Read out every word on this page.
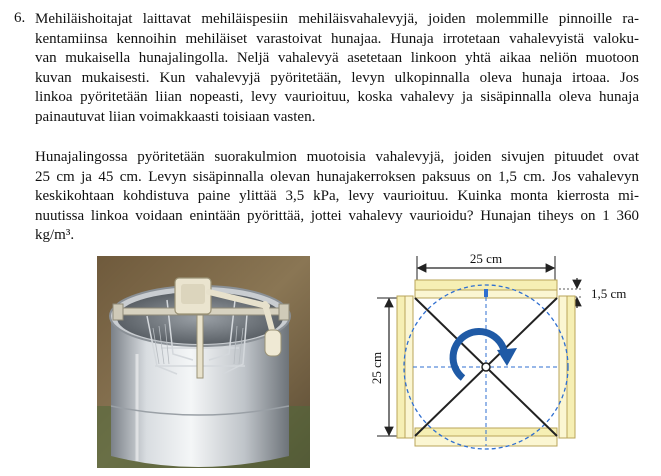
6. Mehiläishoitajat laittavat mehiläispesiin mehiläisvahalevyjä, joiden molemmille pinnoille ra-
kentamiinsa kennoihin mehiläiset varastoivat hunajaa. Hunaja irrotetaan vahalevyistä valoku-
van mukaisella hunajalingolla. Neljä vahalevyä asetetaan linkoon yhtä aikaa neliön muotoon
kuvan mukaisesti. Kun vahalevyjä pyöritetään, levyn ulkopinnalla oleva hunaja irtoaa. Jos
linkoa pyöritetään liian nopeasti, levy vaurioituu, koska vahalevy ja sisäpinnalla oleva hunaja
painautuvat liian voimakkaasti toisiaan vasten.
Hunajalingossa pyöritetään suorakulmion muotoisia vahalevyjä, joiden sivujen pituudet ovat
25 cm ja 45 cm. Levyn sisäpinnalla olevan hunajakerroksen paksuus on 1,5 cm. Jos vahalevyn
keskikohtaan kohdistuva paine ylittää 3,5 kPa, levy vaurioituu. Kuinka monta kierrosta mi-
nuutissa linkoa voidaan enintään pyörittää, jottei vahalevy vaurioidu? Hunajan tiheys on 1 360
kg/m³.
25 cm
25 cm
1,5 cm
